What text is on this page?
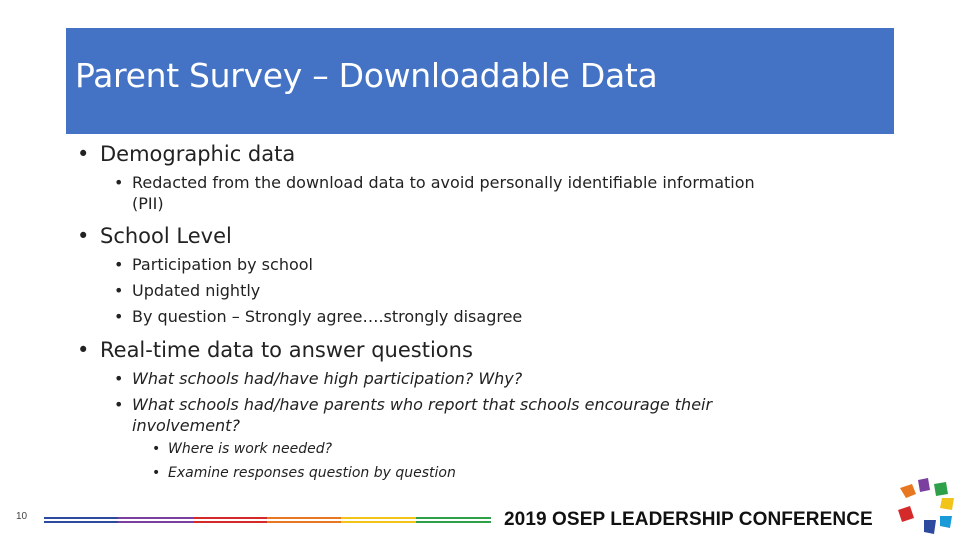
Parent Survey – Downloadable Data
• Demographic data
• Redacted from the download data to avoid personally identifiable information
(PII)
• School Level
• Participation by school
• Updated nightly
• By question – Strongly agree….strongly disagree
• Real-time data to answer questions
• What schools had/have high participation? Why?
• What schools had/have parents who report that schools encourage their
involvement?
• Where is work needed?
• Examine responses question by question
10	2019 OSEP LEADERSHIP CONFERENCE
